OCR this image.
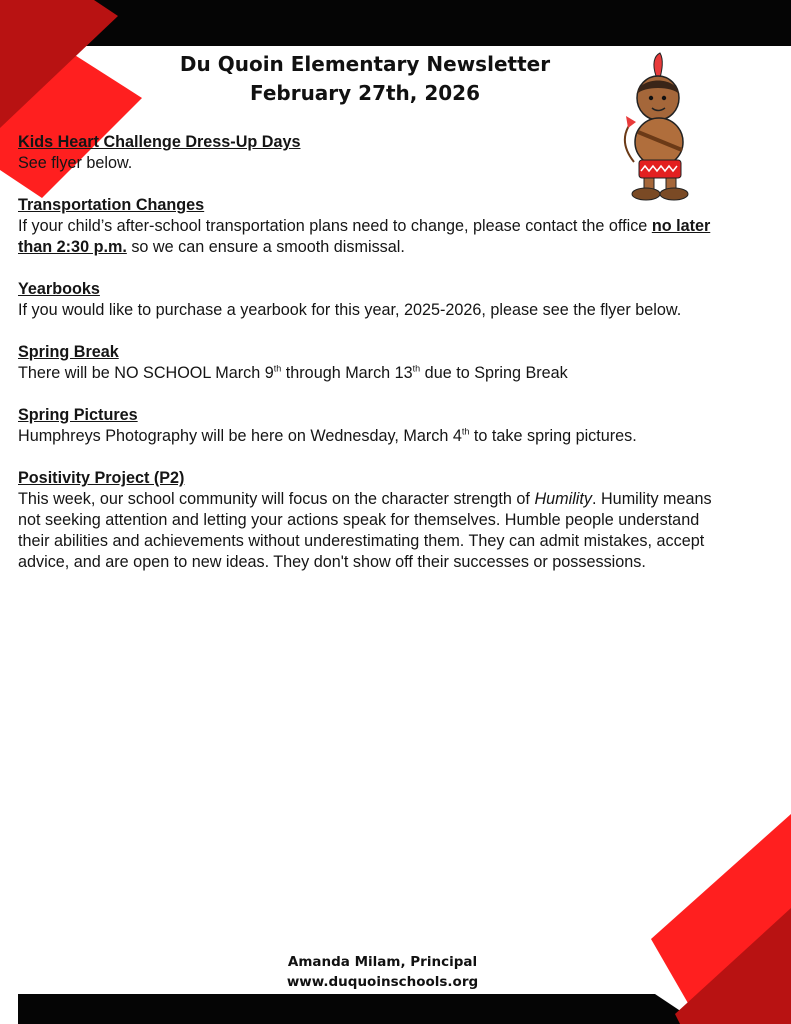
Du Quoin Elementary Newsletter
February 27th, 2026
Kids Heart Challenge Dress-Up Days
See flyer below.
Transportation Changes
If your child’s after-school transportation plans need to change, please contact the office no later than 2:30 p.m. so we can ensure a smooth dismissal.
Yearbooks
If you would like to purchase a yearbook for this year, 2025-2026, please see the flyer below.
Spring Break
There will be NO SCHOOL March 9th through March 13th due to Spring Break
Spring Pictures
Humphreys Photography will be here on Wednesday, March 4th to take spring pictures.
Positivity Project (P2)
This week, our school community will focus on the character strength of Humility. Humility means not seeking attention and letting your actions speak for themselves. Humble people understand their abilities and achievements without underestimating them. They can admit mistakes, accept advice, and are open to new ideas. They don't show off their successes or possessions.
Amanda Milam, Principal
www.duquoinschools.org
